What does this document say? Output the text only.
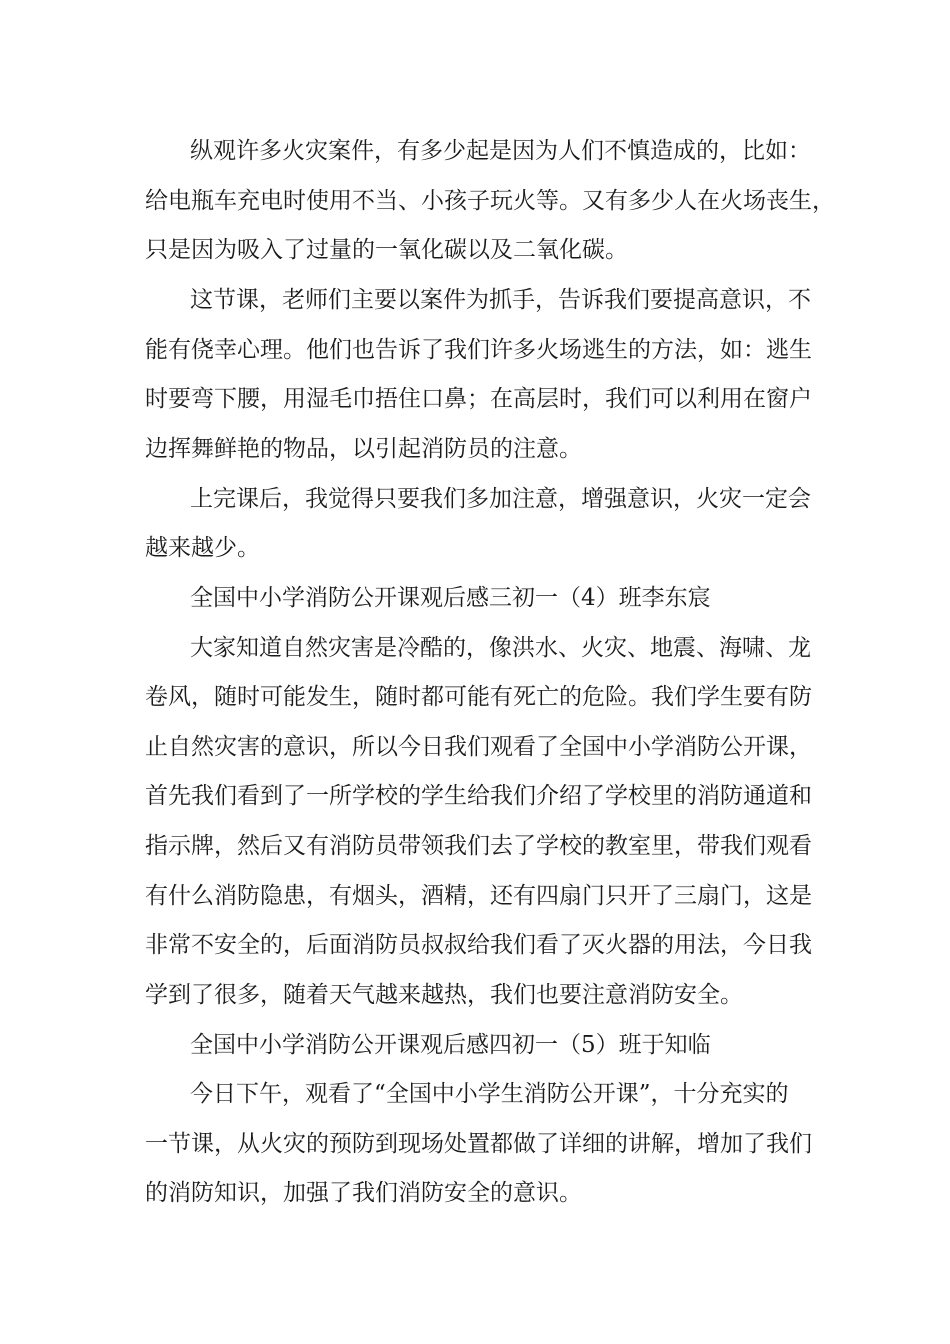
纵观许多火灾案件，有多少起是因为人们不慎造成的，比如：
给电瓶车充电时使用不当、小孩子玩火等。又有多少人在火场丧生，
只是因为吸入了过量的一氧化碳以及二氧化碳。
这节课，老师们主要以案件为抓手，告诉我们要提高意识，不
能有侥幸心理。他们也告诉了我们许多火场逃生的方法，如：逃生
时要弯下腰，用湿毛巾捂住口鼻；在高层时，我们可以利用在窗户
边挥舞鲜艳的物品，以引起消防员的注意。
上完课后，我觉得只要我们多加注意，增强意识，火灾一定会
越来越少。
全国中小学消防公开课观后感三初一（4）班李东宸
大家知道自然灾害是冷酷的，像洪水、火灾、地震、海啸、龙
卷风，随时可能发生，随时都可能有死亡的危险。我们学生要有防
止自然灾害的意识，所以今日我们观看了全国中小学消防公开课，
首先我们看到了一所学校的学生给我们介绍了学校里的消防通道和
指示牌，然后又有消防员带领我们去了学校的教室里，带我们观看
有什么消防隐患，有烟头，酒精，还有四扇门只开了三扇门，这是
非常不安全的，后面消防员叔叔给我们看了灭火器的用法，今日我
学到了很多，随着天气越来越热，我们也要注意消防安全。
全国中小学消防公开课观后感四初一（5）班于知临
今日下午，观看了“全国中小学生消防公开课”，十分充实的
一节课，从火灾的预防到现场处置都做了详细的讲解，增加了我们
的消防知识，加强了我们消防安全的意识。
